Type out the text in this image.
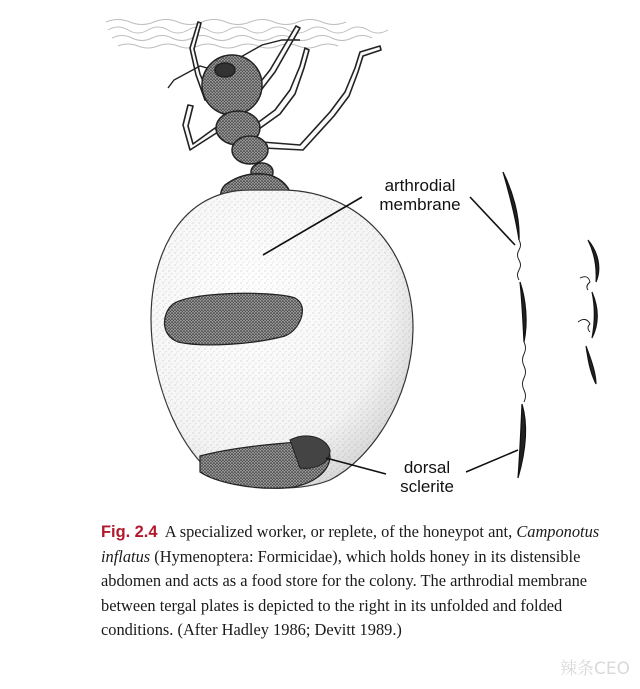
arthrodial
membrane
dorsal
sclerite
Fig. 2.4 A specialized worker, or replete, of the honeypot ant, Camponotus inflatus (Hymenoptera: Formicidae), which holds honey in its distensible abdomen and acts as a food store for the colony. The arthrodial membrane between tergal plates is depicted to the right in its unfolded and folded conditions. (After Hadley 1986; Devitt 1989.)
辣条CEO
